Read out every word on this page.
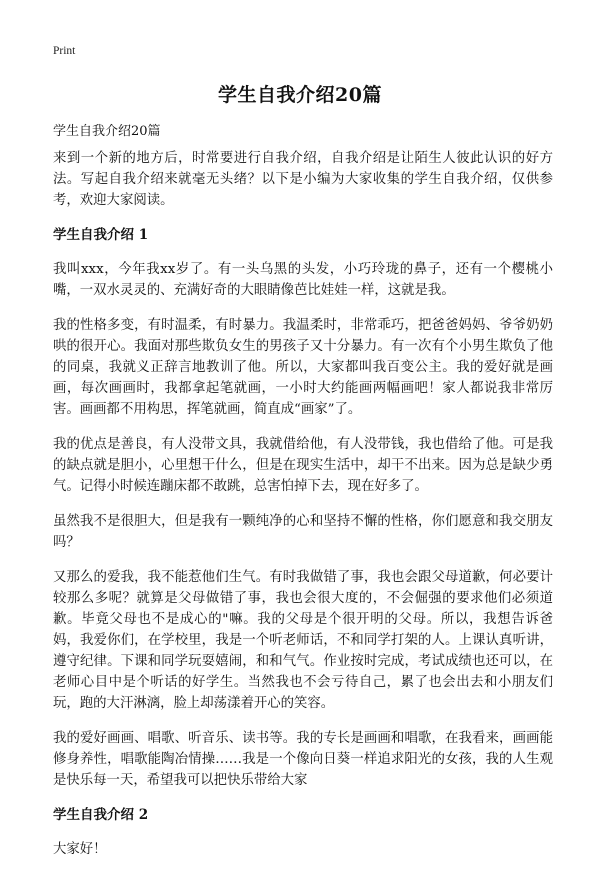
Print
学生自我介绍20篇
学生自我介绍20篇

来到一个新的地方后，时常要进行自我介绍，自我介绍是让陌生人彼此认识的好方法。写起自我介绍来就毫无头绪？以下是小编为大家收集的学生自我介绍，仅供参考，欢迎大家阅读。

学生自我介绍 1

我叫xxx，今年我xx岁了。有一头乌黑的头发，小巧玲珑的鼻子，还有一个樱桃小嘴，一双水灵灵的、充满好奇的大眼睛像芭比娃娃一样，这就是我。

我的性格多变，有时温柔，有时暴力。我温柔时，非常乖巧，把爸爸妈妈、爷爷奶奶哄的很开心。我面对那些欺负女生的男孩子又十分暴力。有一次有个小男生欺负了他的同桌，我就义正辞言地教训了他。所以，大家都叫我百变公主。我的爱好就是画画，每次画画时，我都拿起笔就画，一小时大约能画两幅画吧！家人都说我非常厉害。画画都不用构思，挥笔就画，简直成“画家”了。

我的优点是善良，有人没带文具，我就借给他，有人没带钱，我也借给了他。可是我的缺点就是胆小，心里想干什么，但是在现实生活中，却干不出来。因为总是缺少勇气。记得小时候连蹦床都不敢跳，总害怕掉下去，现在好多了。

虽然我不是很胆大，但是我有一颗纯净的心和坚持不懈的性格，你们愿意和我交朋友吗？

又那么的爱我，我不能惹他们生气。有时我做错了事，我也会跟父母道歉，何必要计较那么多呢？就算是父母做错了事，我也会很大度的，不会倔强的要求他们必须道歉。毕竟父母也不是成心的"嘛。我的父母是个很开明的父母。所以，我想告诉爸妈，我爱你们，在学校里，我是一个听老师话，不和同学打架的人。上课认真听讲，遵守纪律。下课和同学玩耍嬉闹，和和气气。作业按时完成，考试成绩也还可以，在老师心目中是个听话的好学生。当然我也不会亏待自己，累了也会出去和小朋友们玩，跑的大汗淋漓，脸上却荡漾着开心的笑容。

我的爱好画画、唱歌、听音乐、读书等。我的专长是画画和唱歌，在我看来，画画能修身养性，唱歌能陶冶情操……我是一个像向日葵一样追求阳光的女孩，我的人生观是快乐每一天，希望我可以把快乐带给大家

学生自我介绍 2

大家好！
